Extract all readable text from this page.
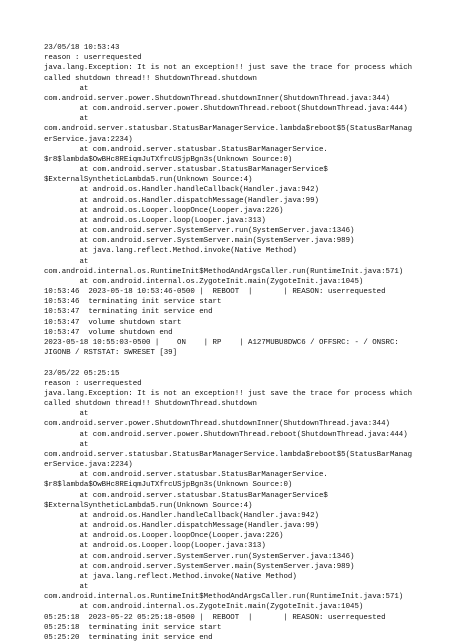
23/05/18 10:53:43
reason : userrequested
java.lang.Exception: It is not an exception!! just save the trace for process which
called shutdown thread!! ShutdownThread.shutdown
at
com.android.server.power.ShutdownThread.shutdownInner(ShutdownThread.java:344)
at com.android.server.power.ShutdownThread.reboot(ShutdownThread.java:444)
at
com.android.server.statusbar.StatusBarManagerService.lambda$reboot$5(StatusBarManag
erService.java:2234)
at com.android.server.statusbar.StatusBarManagerService.
$r8$lambda$OwBHc8REiqmJuTXfrcUSjpBgn3s(Unknown Source:0)
at com.android.server.statusbar.StatusBarManagerService$
$ExternalSyntheticLambda5.run(Unknown Source:4)
at android.os.Handler.handleCallback(Handler.java:942)
at android.os.Handler.dispatchMessage(Handler.java:99)
at android.os.Looper.loopOnce(Looper.java:226)
at android.os.Looper.loop(Looper.java:313)
at com.android.server.SystemServer.run(SystemServer.java:1346)
at com.android.server.SystemServer.main(SystemServer.java:989)
at java.lang.reflect.Method.invoke(Native Method)
at
com.android.internal.os.RuntimeInit$MethodAndArgsCaller.run(RuntimeInit.java:571)
at com.android.internal.os.ZygoteInit.main(ZygoteInit.java:1045)
10:53:46  2023-05-18 10:53:46-0500 |  REBOOT  |       | REASON: userrequested
10:53:46  terminating init service start
10:53:47  terminating init service end
10:53:47  volume shutdown start
10:53:47  volume shutdown end
2023-05-18 10:55:03-0500 |    ON    | RP    | A127MUBU8DWC6 / OFFSRC: - / ONSRC:
JIGONB / RSTSTAT: SWRESET [39]

23/05/22 05:25:15
reason : userrequested
java.lang.Exception: It is not an exception!! just save the trace for process which
called shutdown thread!! ShutdownThread.shutdown
at
com.android.server.power.ShutdownThread.shutdownInner(ShutdownThread.java:344)
at com.android.server.power.ShutdownThread.reboot(ShutdownThread.java:444)
at
com.android.server.statusbar.StatusBarManagerService.lambda$reboot$5(StatusBarManag
erService.java:2234)
at com.android.server.statusbar.StatusBarManagerService.
$r8$lambda$OwBHc8REiqmJuTXfrcUSjpBgn3s(Unknown Source:0)
at com.android.server.statusbar.StatusBarManagerService$
$ExternalSyntheticLambda5.run(Unknown Source:4)
at android.os.Handler.handleCallback(Handler.java:942)
at android.os.Handler.dispatchMessage(Handler.java:99)
at android.os.Looper.loopOnce(Looper.java:226)
at android.os.Looper.loop(Looper.java:313)
at com.android.server.SystemServer.run(SystemServer.java:1346)
at com.android.server.SystemServer.main(SystemServer.java:989)
at java.lang.reflect.Method.invoke(Native Method)
at
com.android.internal.os.RuntimeInit$MethodAndArgsCaller.run(RuntimeInit.java:571)
at com.android.internal.os.ZygoteInit.main(ZygoteInit.java:1045)
05:25:18  2023-05-22 05:25:18-0500 |  REBOOT  |       | REASON: userrequested
05:25:18  terminating init service start
05:25:20  terminating init service end
